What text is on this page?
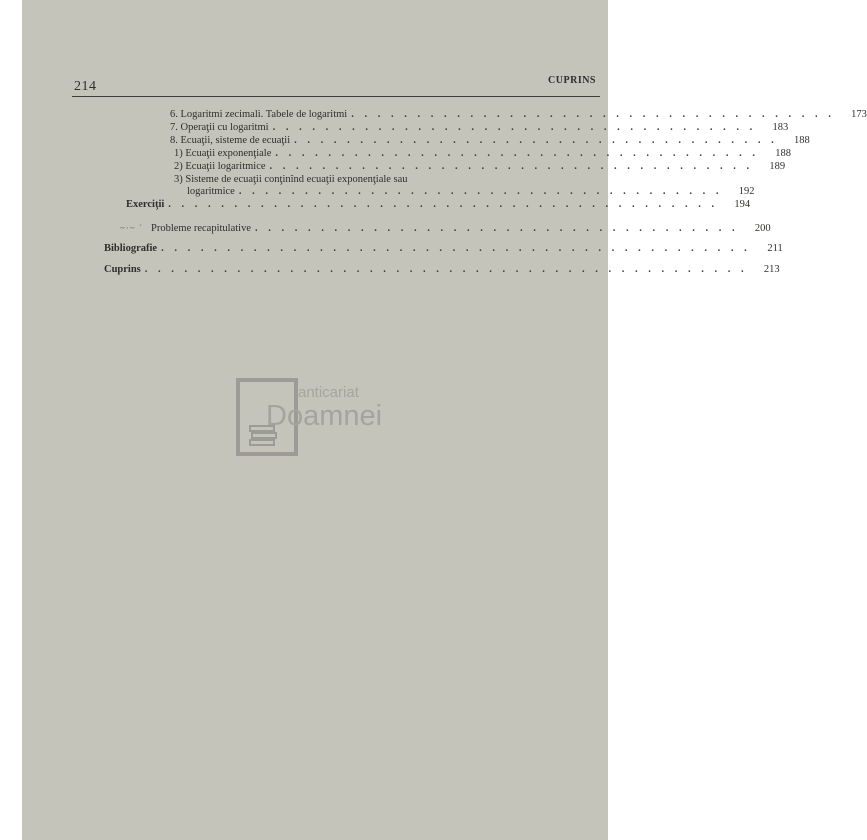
214	CUPRINS
6. Logaritmi zecimali. Tabele de logaritmi . . . . . . . . . . . . . . . . . . . . . . . . . . . . . . . . . . . . .	173
7. Operaţii cu logaritmi . . . . . . . . . . . . . . . . . . . . . . . . . . . . . . . . . . . . .	183
8. Ecuaţii, sisteme de ecuaţii . . . . . . . . . . . . . . . . . . . . . . . . . . . . . . . . . . . . .	188
1) Ecuaţii exponenţiale . . . . . . . . . . . . . . . . . . . . . . . . . . . . . . . . . . . . .	188
2) Ecuaţii logaritmice . . . . . . . . . . . . . . . . . . . . . . . . . . . . . . . . . . . . .	189
3) Sisteme de ecuaţii conţinînd ecuaţii exponenţiale sau
logaritmice . . . . . . . . . . . . . . . . . . . . . . . . . . . . . . . . . . . . .	192
Exerciţii . . . . . . . . . . . . . . . . . . . . . . . . . . . . . . . . . . . . . . . . . .	194
~·~ ´ Probleme recapitulative . . . . . . . . . . . . . . . . . . . . . . . . . . . . . . . . . . . . .	200
Bibliografie . . . . . . . . . . . . . . . . . . . . . . . . . . . . . . . . . . . . . . . . . . . . .	211
Cuprins . . . . . . . . . . . . . . . . . . . . . . . . . . . . . . . . . . . . . . . . . . . . . .	213
anticariat
Doamnei
